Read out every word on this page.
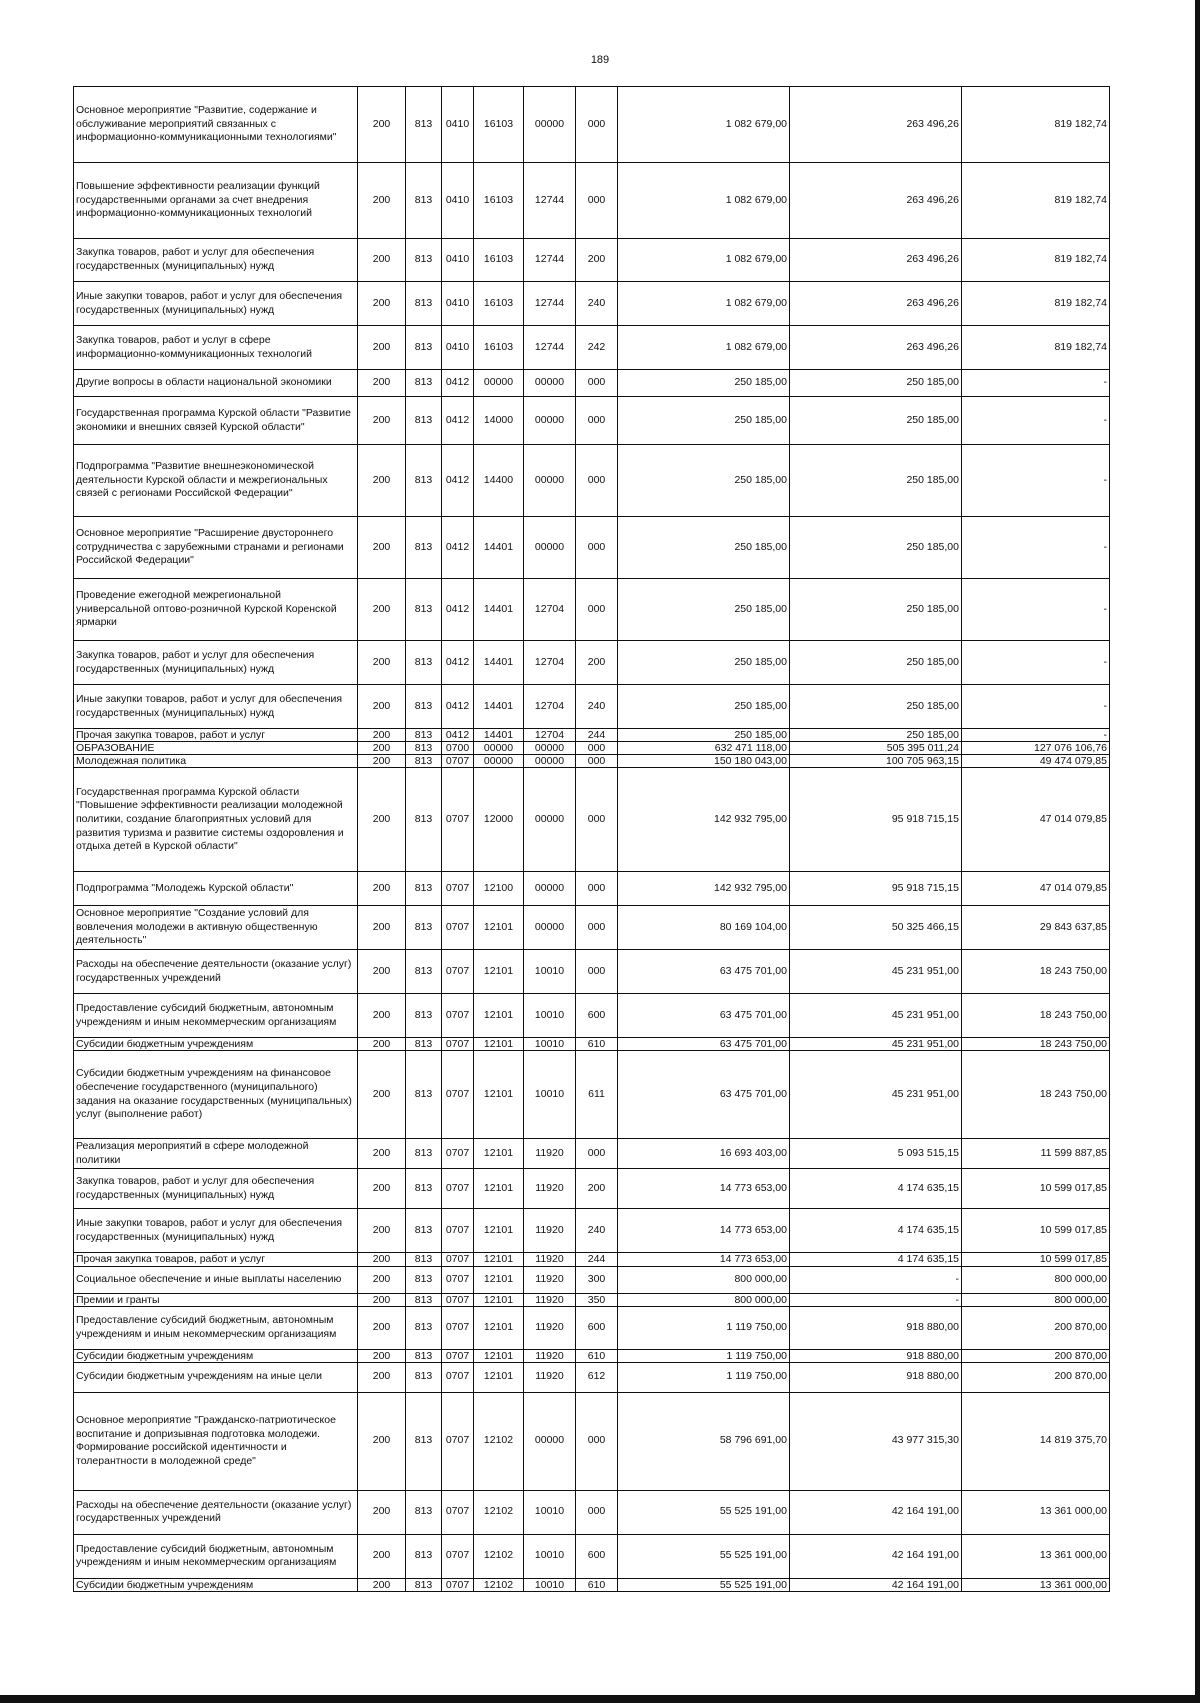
189
Основное мероприятие "Развитие, содержание и обслуживание мероприятий связанных с информационно-коммуникационными технологиями"	200	813	0410	16103	00000	000	1 082 679,00	263 496,26	819 182,74
Повышение эффективности реализации функций государственными органами за счет внедрения информационно-коммуникационных технологий	200	813	0410	16103	12744	000	1 082 679,00	263 496,26	819 182,74
Закупка товаров, работ и услуг для обеспечения государственных (муниципальных) нужд	200	813	0410	16103	12744	200	1 082 679,00	263 496,26	819 182,74
Иные закупки товаров, работ и услуг для обеспечения государственных (муниципальных) нужд	200	813	0410	16103	12744	240	1 082 679,00	263 496,26	819 182,74
Закупка товаров, работ и услуг в сфере информационно-коммуникационных технологий	200	813	0410	16103	12744	242	1 082 679,00	263 496,26	819 182,74
Другие вопросы в области национальной экономики	200	813	0412	00000	00000	000	250 185,00	250 185,00	-
Государственная программа Курской области "Развитие экономики и внешних связей Курской области"	200	813	0412	14000	00000	000	250 185,00	250 185,00	-
Подпрограмма "Развитие внешнеэкономической деятельности Курской области и межрегиональных связей с регионами Российской Федерации"	200	813	0412	14400	00000	000	250 185,00	250 185,00	-
Основное мероприятие "Расширение двустороннего сотрудничества с зарубежными странами и регионами Российской Федерации"	200	813	0412	14401	00000	000	250 185,00	250 185,00	-
Проведение ежегодной межрегиональной универсальной оптово-розничной Курской Коренской ярмарки	200	813	0412	14401	12704	000	250 185,00	250 185,00	-
Закупка товаров, работ и услуг для обеспечения государственных (муниципальных) нужд	200	813	0412	14401	12704	200	250 185,00	250 185,00	-
Иные закупки товаров, работ и услуг для обеспечения государственных (муниципальных) нужд	200	813	0412	14401	12704	240	250 185,00	250 185,00	-
Прочая закупка товаров, работ и услуг	200	813	0412	14401	12704	244	250 185,00	250 185,00	-
ОБРАЗОВАНИЕ	200	813	0700	00000	00000	000	632 471 118,00	505 395 011,24	127 076 106,76
Молодежная политика	200	813	0707	00000	00000	000	150 180 043,00	100 705 963,15	49 474 079,85
Государственная программа Курской области "Повышение эффективности реализации молодежной политики, создание благоприятных условий для развития туризма и развитие системы оздоровления и отдыха детей в Курской области"	200	813	0707	12000	00000	000	142 932 795,00	95 918 715,15	47 014 079,85
Подпрограмма "Молодежь Курской области"	200	813	0707	12100	00000	000	142 932 795,00	95 918 715,15	47 014 079,85
Основное мероприятие "Создание условий для вовлечения молодежи в активную общественную деятельность"	200	813	0707	12101	00000	000	80 169 104,00	50 325 466,15	29 843 637,85
Расходы на обеспечение деятельности (оказание услуг) государственных учреждений	200	813	0707	12101	10010	000	63 475 701,00	45 231 951,00	18 243 750,00
Предоставление субсидий бюджетным, автономным учреждениям и иным некоммерческим организациям	200	813	0707	12101	10010	600	63 475 701,00	45 231 951,00	18 243 750,00
Субсидии бюджетным учреждениям	200	813	0707	12101	10010	610	63 475 701,00	45 231 951,00	18 243 750,00
Субсидии бюджетным учреждениям на финансовое обеспечение государственного (муниципального) задания на оказание государственных (муниципальных) услуг (выполнение работ)	200	813	0707	12101	10010	611	63 475 701,00	45 231 951,00	18 243 750,00
Реализация мероприятий в сфере молодежной политики	200	813	0707	12101	11920	000	16 693 403,00	5 093 515,15	11 599 887,85
Закупка товаров, работ и услуг для обеспечения государственных (муниципальных) нужд	200	813	0707	12101	11920	200	14 773 653,00	4 174 635,15	10 599 017,85
Иные закупки товаров, работ и услуг для обеспечения государственных (муниципальных) нужд	200	813	0707	12101	11920	240	14 773 653,00	4 174 635,15	10 599 017,85
Прочая закупка товаров, работ и услуг	200	813	0707	12101	11920	244	14 773 653,00	4 174 635,15	10 599 017,85
Социальное обеспечение и иные выплаты населению	200	813	0707	12101	11920	300	800 000,00	-	800 000,00
Премии и гранты	200	813	0707	12101	11920	350	800 000,00	-	800 000,00
Предоставление субсидий бюджетным, автономным учреждениям и иным некоммерческим организациям	200	813	0707	12101	11920	600	1 119 750,00	918 880,00	200 870,00
Субсидии бюджетным учреждениям	200	813	0707	12101	11920	610	1 119 750,00	918 880,00	200 870,00
Субсидии бюджетным учреждениям на иные цели	200	813	0707	12101	11920	612	1 119 750,00	918 880,00	200 870,00
Основное мероприятие "Гражданско-патриотическое воспитание и допризывная подготовка молодежи. Формирование российской идентичности и толерантности в молодежной среде"	200	813	0707	12102	00000	000	58 796 691,00	43 977 315,30	14 819 375,70
Расходы на обеспечение деятельности (оказание услуг) государственных учреждений	200	813	0707	12102	10010	000	55 525 191,00	42 164 191,00	13 361 000,00
Предоставление субсидий бюджетным, автономным учреждениям и иным некоммерческим организациям	200	813	0707	12102	10010	600	55 525 191,00	42 164 191,00	13 361 000,00
Субсидии бюджетным учреждениям	200	813	0707	12102	10010	610	55 525 191,00	42 164 191,00	13 361 000,00
